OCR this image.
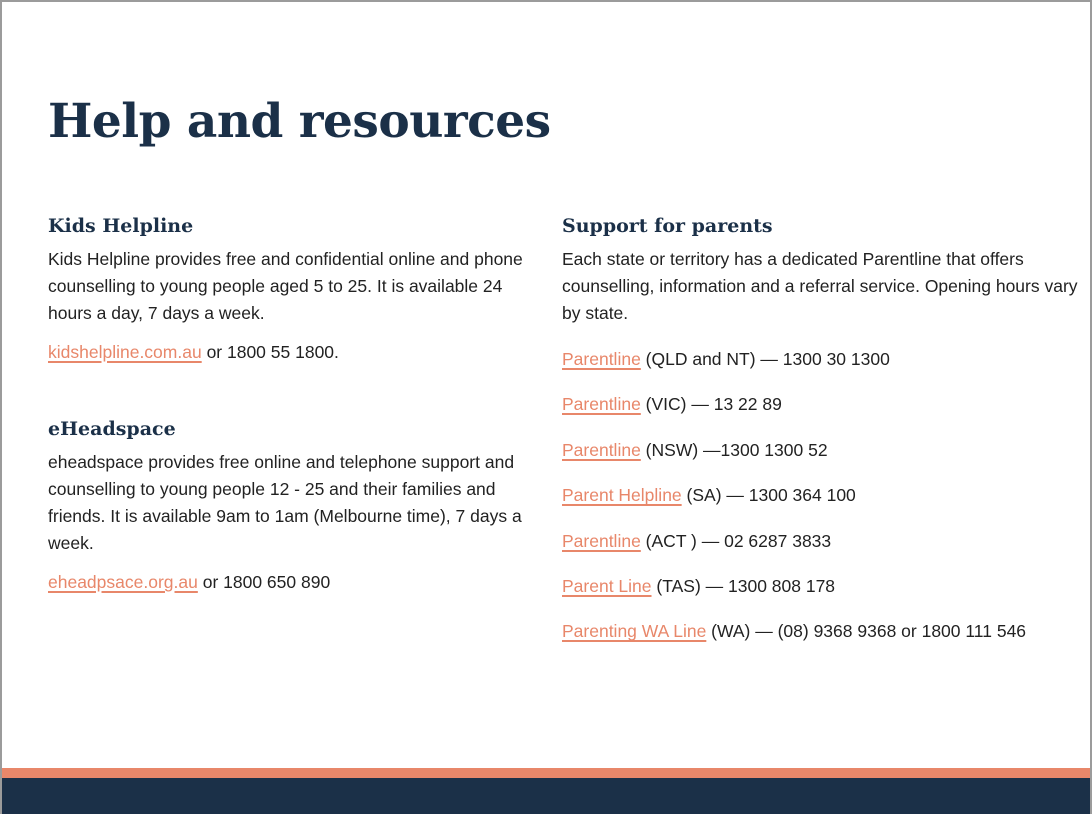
Help and resources
Kids Helpline

Kids Helpline provides free and confidential online and phone counselling to young people aged 5 to 25. It is available 24 hours a day, 7 days a week.

kidshelpline.com.au or 1800 55 1800.

eHeadspace

eheadspace provides free online and telephone support and counselling to young people 12 - 25 and their families and friends. It is available 9am to 1am (Melbourne time), 7 days a week.

eheadpsace.org.au or 1800 650 890

Support for parents

Each state or territory has a dedicated Parentline that offers counselling, information and a referral service. Opening hours vary by state.

Parentline (QLD and NT) — 1300 30 1300
Parentline (VIC) — 13 22 89
Parentline (NSW) —1300 1300 52
Parent Helpline (SA) — 1300 364 100
Parentline (ACT ) — 02 6287 3833
Parent Line (TAS) — 1300 808 178
Parenting WA Line (WA) — (08) 9368 9368 or 1800 111 546
